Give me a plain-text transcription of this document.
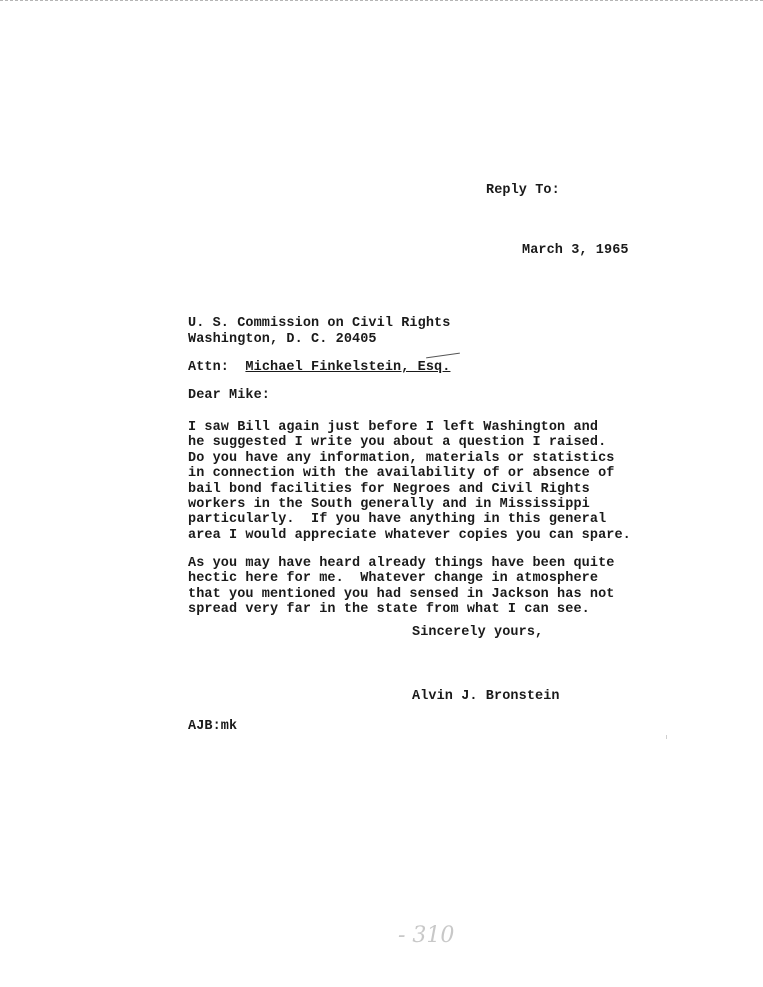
Reply To:
March 3, 1965
U. S. Commission on Civil Rights
Washington, D. C. 20405
Attn: Michael Finkelstein, Esq.
Dear Mike:
I saw Bill again just before I left Washington and
he suggested I write you about a question I raised.
Do you have any information, materials or statistics
in connection with the availability of or absence of
bail bond facilities for Negroes and Civil Rights
workers in the South generally and in Mississippi
particularly.  If you have anything in this general
area I would appreciate whatever copies you can spare.
As you may have heard already things have been quite
hectic here for me.  Whatever change in atmosphere
that you mentioned you had sensed in Jackson has not
spread very far in the state from what I can see.
Sincerely yours,
Alvin J. Bronstein
AJB:mk
- 310
